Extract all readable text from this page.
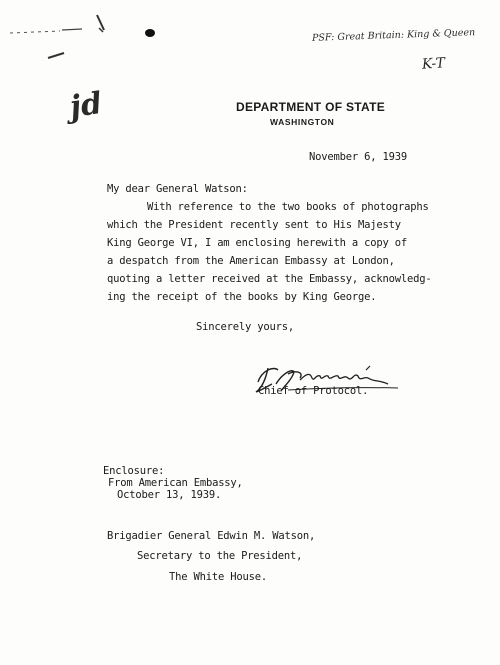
PSF: Great Britain: King & Queen
K-T
jd	DEPARTMENT OF STATE
WASHINGTON
November 6, 1939
My dear General Watson:
With reference to the two books of photographs
which the President recently sent to His Majesty
King George VI, I am enclosing herewith a copy of
a despatch from the American Embassy at London,
quoting a letter received at the Embassy, acknowledg-
ing the receipt of the books by King George.
Sincerely yours,
Chief of Protocol.
Enclosure:
From American Embassy,
October 13, 1939.
Brigadier General Edwin M. Watson,
Secretary to the President,
The White House.
